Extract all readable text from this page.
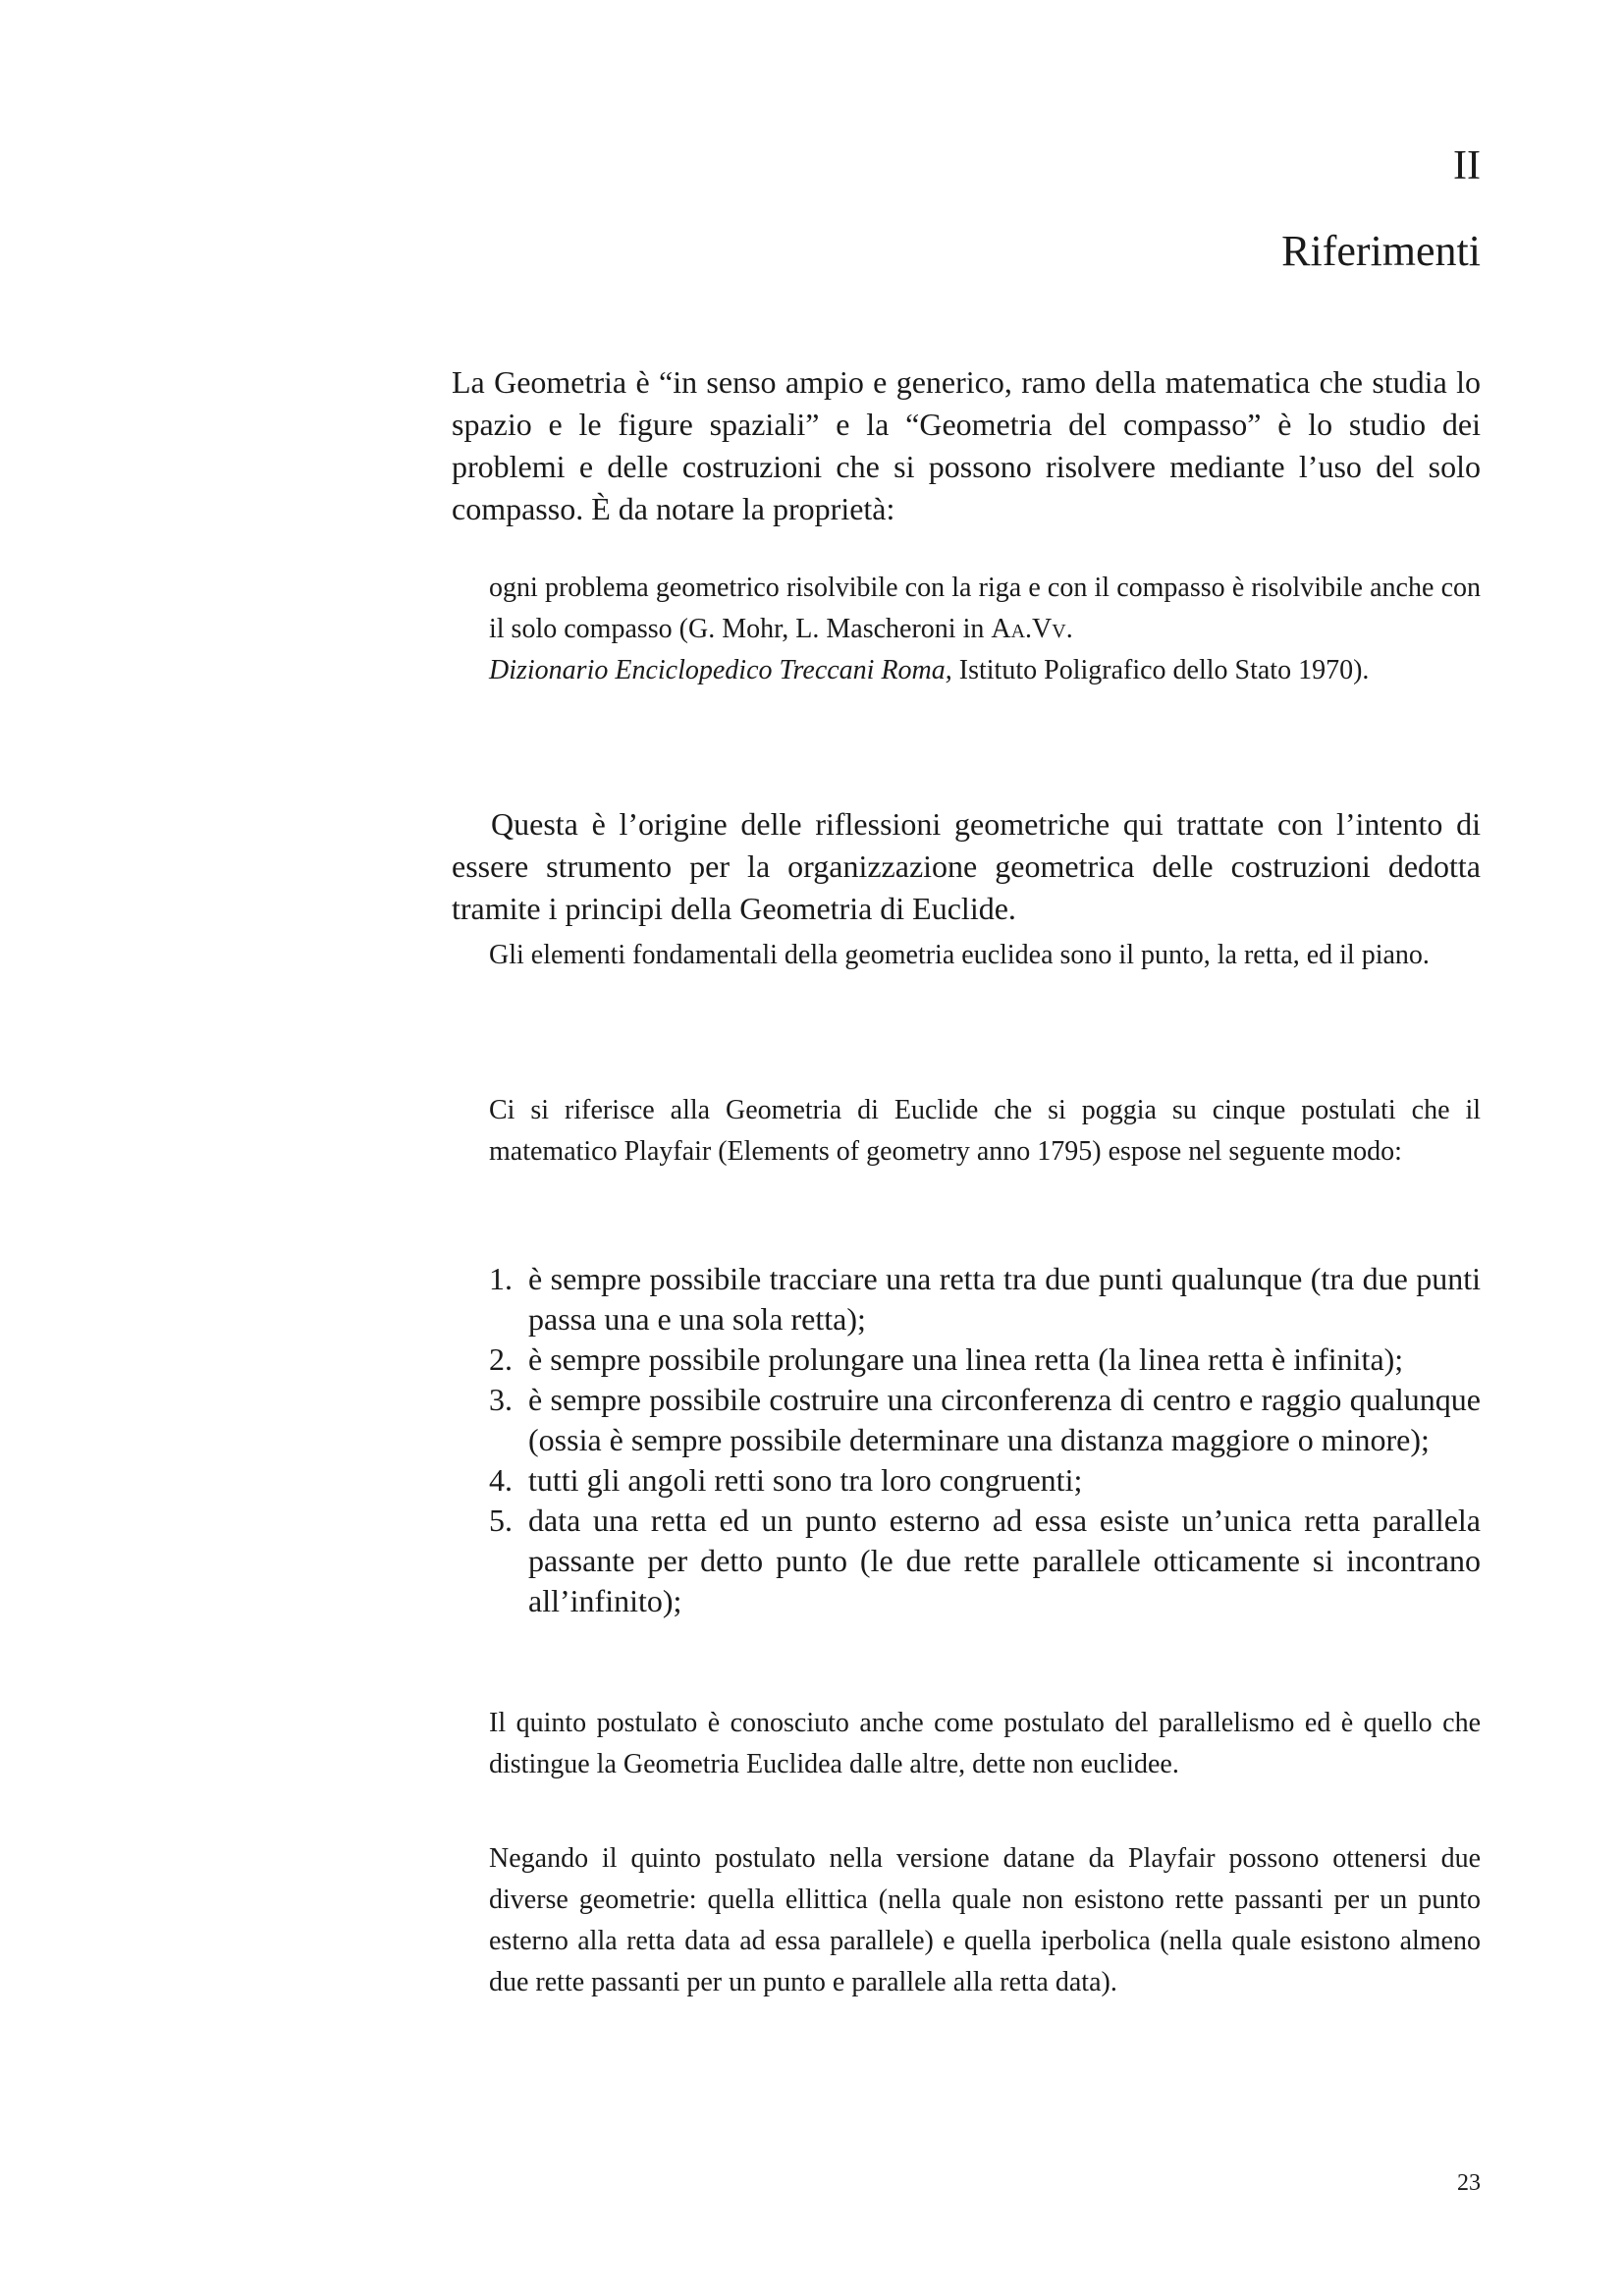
II
Riferimenti

La Geometria è “in senso ampio e generico, ramo della matematica che studia lo spazio e le figure spaziali” e la “Geometria del compasso” è lo studio dei problemi e delle costruzioni che si possono risolvere mediante l’uso del solo compasso. È da notare la proprietà:

ogni problema geometrico risolvibile con la riga e con il compasso è risolvibile anche con il solo compasso (G. Mohr, L. Mascheroni in Aa.Vv.
Dizionario Enciclopedico Treccani Roma, Istituto Poligrafico dello Stato 1970).

Questa è l’origine delle riflessioni geometriche qui trattate con l’intento di essere strumento per la organizzazione geometrica delle costruzioni dedotta tramite i principi della Geometria di Euclide.

Gli elementi fondamentali della geometria euclidea sono il punto, la retta, ed il piano.

Ci si riferisce alla Geometria di Euclide che si poggia su cinque postulati che il matematico Playfair (Elements of geometry anno 1795) espose nel seguente modo:

1. è sempre possibile tracciare una retta tra due punti qualunque (tra due punti passa una e una sola retta);
2. è sempre possibile prolungare una linea retta (la linea retta è infinita);
3. è sempre possibile costruire una circonferenza di centro e raggio qualunque (ossia è sempre possibile determinare una distanza maggiore o minore);
4. tutti gli angoli retti sono tra loro congruenti;
5. data una retta ed un punto esterno ad essa esiste un’unica retta parallela passante per detto punto (le due rette parallele otticamente si incontrano all’infinito);

Il quinto postulato è conosciuto anche come postulato del parallelismo ed è quello che distingue la Geometria Euclidea dalle altre, dette non euclidee.

Negando il quinto postulato nella versione datane da Playfair possono ottenersi due diverse geometrie: quella ellittica (nella quale non esistono rette passanti per un punto esterno alla retta data ad essa parallele) e quella iperbolica (nella quale esistono almeno due rette passanti per un punto e parallele alla retta data).

23
